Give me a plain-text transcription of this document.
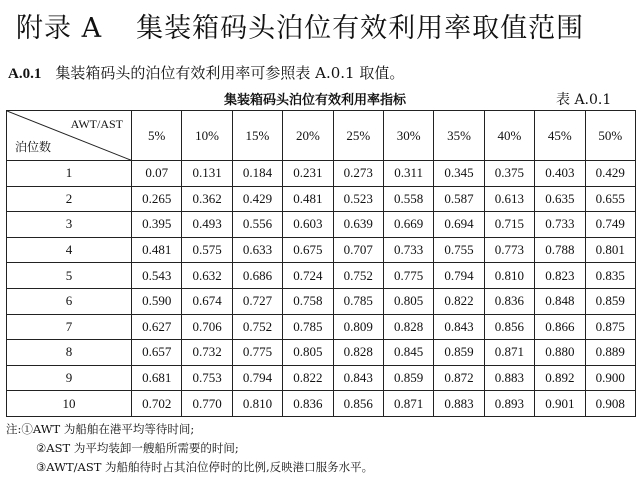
附录 A 集装箱码头泊位有效利用率取值范围
A.0.1 集装箱码头的泊位有效利用率可参照表 A.0.1 取值。
集装箱码头泊位有效利用率指标	表 A.0.1
AWT/AST
泊位数	5%	10%	15%	20%	25%	30%	35%	40%	45%	50%
1	0.07	0.131	0.184	0.231	0.273	0.311	0.345	0.375	0.403	0.429
2	0.265	0.362	0.429	0.481	0.523	0.558	0.587	0.613	0.635	0.655
3	0.395	0.493	0.556	0.603	0.639	0.669	0.694	0.715	0.733	0.749
4	0.481	0.575	0.633	0.675	0.707	0.733	0.755	0.773	0.788	0.801
5	0.543	0.632	0.686	0.724	0.752	0.775	0.794	0.810	0.823	0.835
6	0.590	0.674	0.727	0.758	0.785	0.805	0.822	0.836	0.848	0.859
7	0.627	0.706	0.752	0.785	0.809	0.828	0.843	0.856	0.866	0.875
8	0.657	0.732	0.775	0.805	0.828	0.845	0.859	0.871	0.880	0.889
9	0.681	0.753	0.794	0.822	0.843	0.859	0.872	0.883	0.892	0.900
10	0.702	0.770	0.810	0.836	0.856	0.871	0.883	0.893	0.901	0.908
注:①AWT 为船舶在港平均等待时间;
②AST 为平均装卸一艘船所需要的时间;
③AWT/AST 为船舶待时占其泊位停时的比例,反映港口服务水平。
